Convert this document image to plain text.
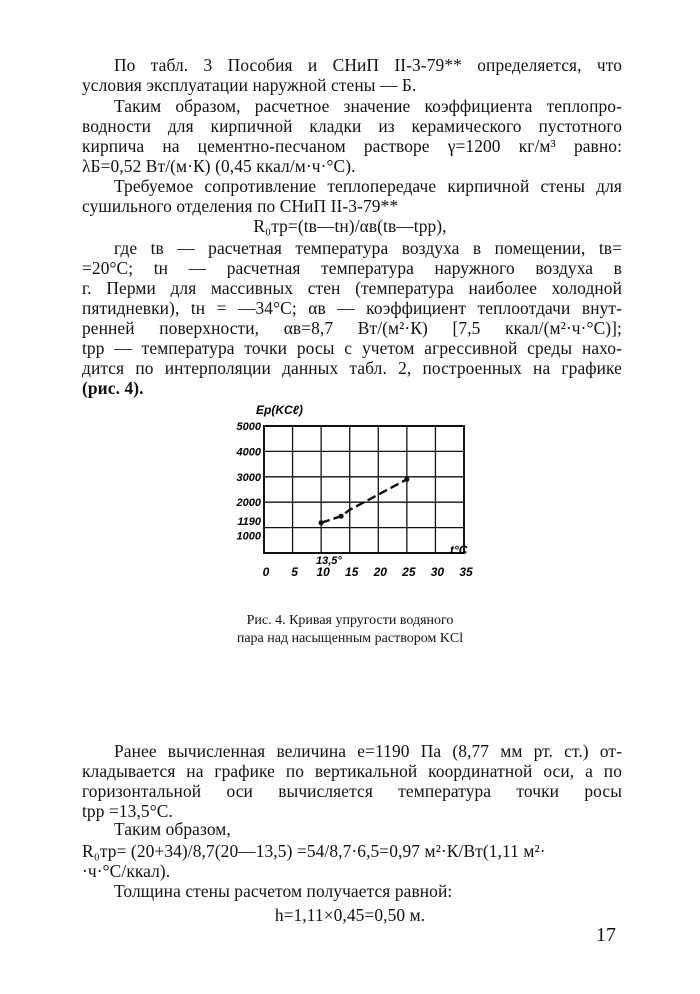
По табл. 3 Пособия и СНиП II-3-79** определяется, что
условия эксплуатации наружной стены — Б.
Таким образом, расчетное значение коэффициента теплопро-
водности для кирпичной кладки из керамического пустотного
кирпича на цементно-песчаном растворе γ=1200 кг/м³ равно:
λБ=0,52 Вт/(м·К) (0,45 ккал/м·ч·°С).
Требуемое сопротивление теплопередаче кирпичной стены для
сушильного отделения по СНиП II-3-79**
R₀тр=(tв—tн)/αв(tв—tрр),
где tв — расчетная температура воздуха в помещении, tв=
=20°С; tн — расчетная температура наружного воздуха в
г. Перми для массивных стен (температура наиболее холодной
пятидневки), tн = —34°С; αв — коэффициент теплоотдачи внут-
ренней поверхности, αв=8,7 Вт/(м²·К) [7,5 ккал/(м²·ч·°С)];
tрр — температура точки росы с учетом агрессивной среды нахо-
дится по интерполяции данных табл. 2, построенных на графике
(рис. 4).
Ep(KCℓ)
5000
4000
3000
2000
1190
1000
0 5 10 15 20 25 30 35
13,5°
t°C
Рис. 4. Кривая упругости водяного
пара над насыщенным раствором KCl
Ранее вычисленная величина e=1190 Па (8,77 мм рт. ст.) от-
кладывается на графике по вертикальной координатной оси, а по
горизонтальной оси вычисляется температура точки росы
tрр =13,5°С.
Таким образом,
R₀тр= (20+34)/8,7(20—13,5) =54/8,7·6,5=0,97 м²·К/Вт(1,11 м²·
·ч·°С/ккал).
Толщина стены расчетом получается равной:
h=1,11×0,45=0,50 м.
17
